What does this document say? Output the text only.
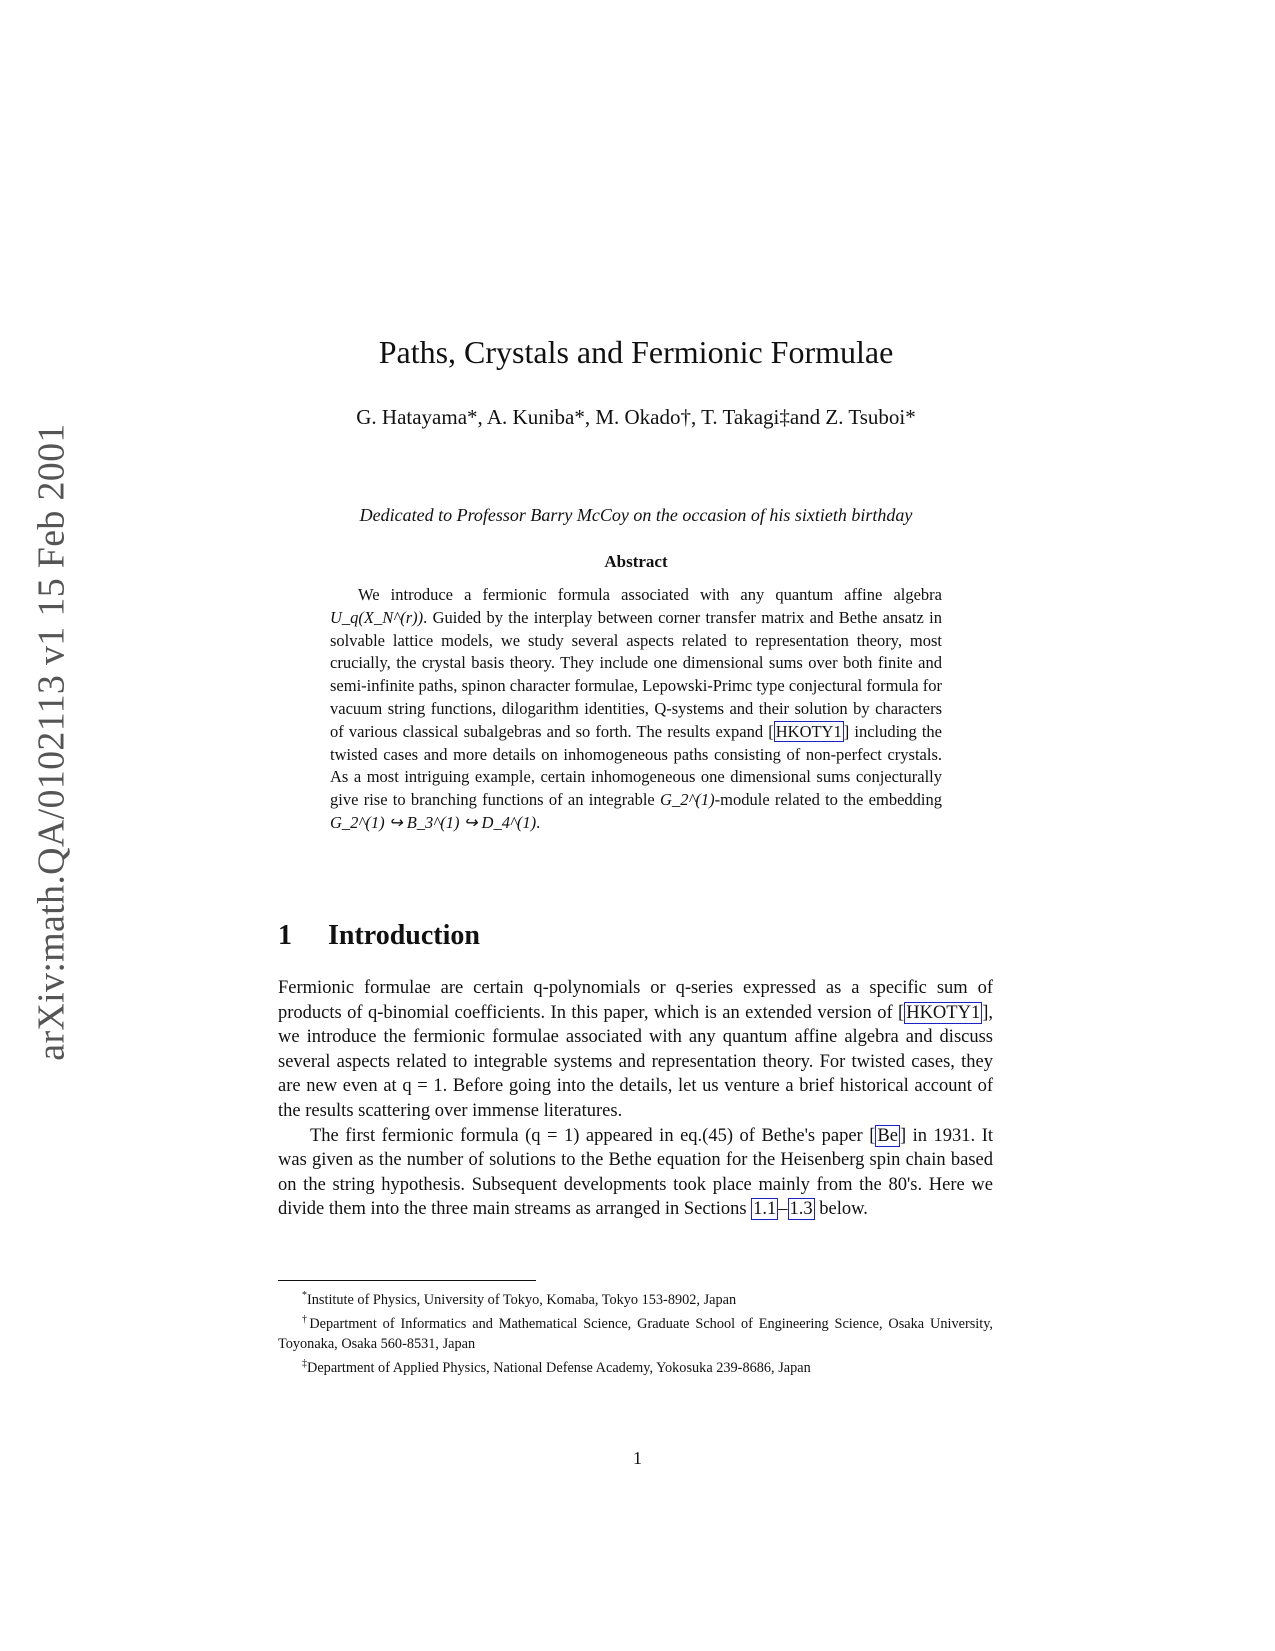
arXiv:math.QA/0102113 v1 15 Feb 2001
Paths, Crystals and Fermionic Formulae
G. Hatayama*, A. Kuniba*, M. Okado†, T. Takagi‡and Z. Tsuboi*
Dedicated to Professor Barry McCoy on the occasion of his sixtieth birthday
Abstract

We introduce a fermionic formula associated with any quantum affine algebra U_q(X_N^(r)). Guided by the interplay between corner transfer matrix and Bethe ansatz in solvable lattice models, we study several aspects related to representation theory, most crucially, the crystal basis theory. They include one dimensional sums over both finite and semi-infinite paths, spinon character formulae, Lepowski-Primc type conjectural formula for vacuum string functions, dilogarithm identities, Q-systems and their solution by characters of various classical subalgebras and so forth. The results expand [ HKOTY1 ] including the twisted cases and more details on inhomogeneous paths consisting of non-perfect crystals. As a most intriguing example, certain inhomogeneous one dimensional sums conjecturally give rise to branching functions of an integrable G_2^(1)-module related to the embedding G_2^(1) ↪ B_3^(1) ↪ D_4^(1).

1 Introduction

Fermionic formulae are certain q-polynomials or q-series expressed as a specific sum of products of q-binomial coefficients. In this paper, which is an extended version of [ HKOTY1 ], we introduce the fermionic formulae associated with any quantum affine algebra and discuss several aspects related to integrable systems and representation theory. For twisted cases, they are new even at q = 1. Before going into the details, let us venture a brief historical account of the results scattering over immense literatures.

The first fermionic formula (q = 1) appeared in eq.(45) of Bethe's paper [ Be ] in 1931. It was given as the number of solutions to the Bethe equation for the Heisenberg spin chain based on the string hypothesis. Subsequent developments took place mainly from the 80's. Here we divide them into the three main streams as arranged in Sections 1.1 – 1.3 below.

*Institute of Physics, University of Tokyo, Komaba, Tokyo 153-8902, Japan
†Department of Informatics and Mathematical Science, Graduate School of Engineering Science, Osaka University, Toyonaka, Osaka 560-8531, Japan
‡Department of Applied Physics, National Defense Academy, Yokosuka 239-8686, Japan
1
